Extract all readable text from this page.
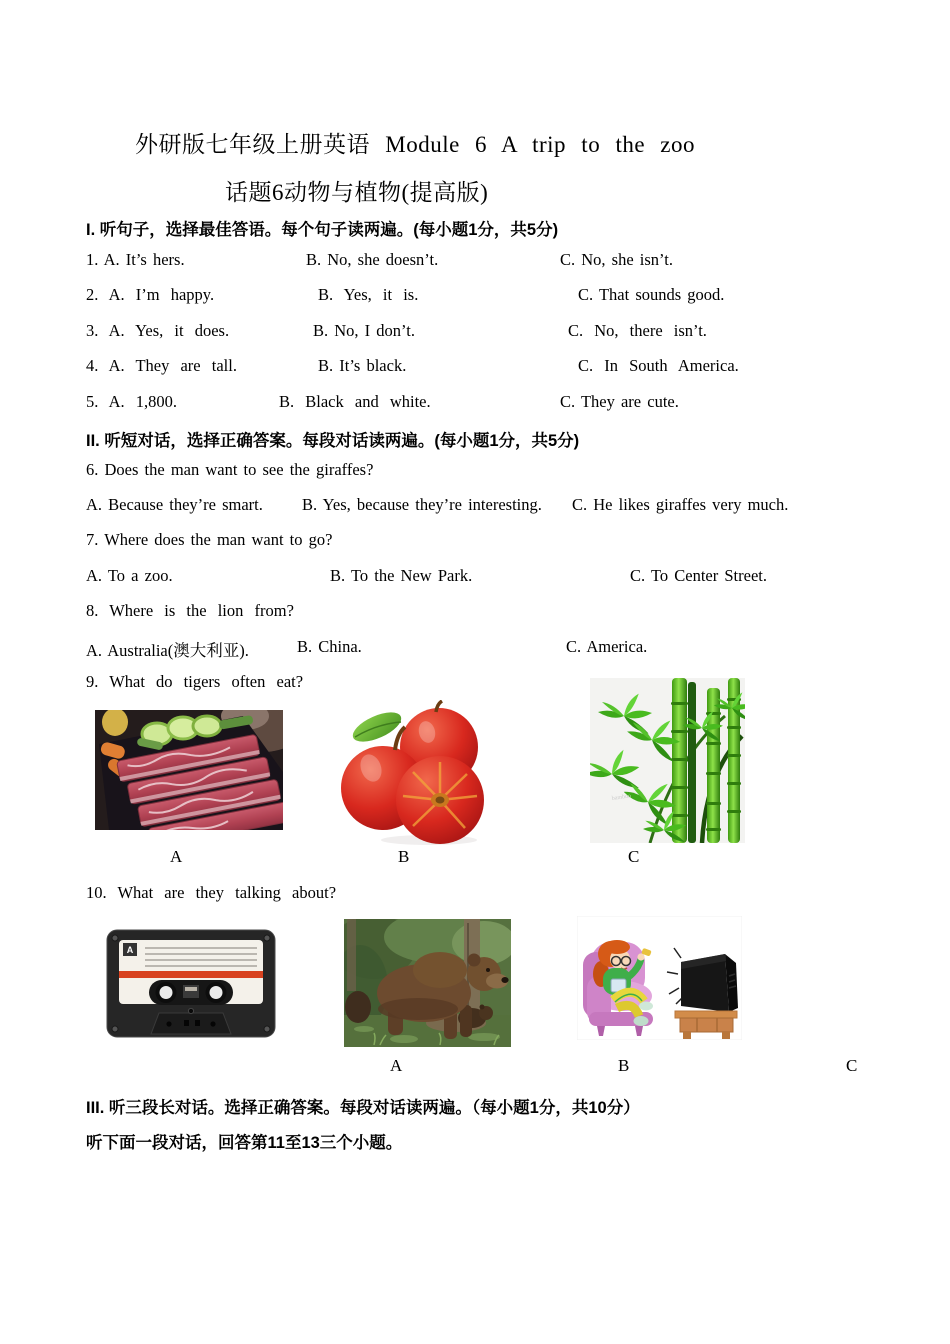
外研版七年级上册英语 Module 6 A trip to the zoo
话题6动物与植物(提高版)
I. 听句子，选择最佳答语。每个句子读两遍。(每小题1分，共5分)
1. A. It’s hers.	B. No, she doesn’t.	C. No, she isn’t.
2. A. I’m happy.	B. Yes, it is.	C. That sounds good.
3. A. Yes, it does.	B. No, I don’t.	C. No, there isn’t.
4. A. They are tall.	B. It’s black.	C. In South America.
5. A. 1,800.	B. Black and white.	C. They are cute.
II. 听短对话，选择正确答案。每段对话读两遍。(每小题1分，共5分)
6. Does the man want to see the giraffes?
A. Because they’re smart. B. Yes, because they’re interesting. C. He likes giraffes very much.
7. Where does the man want to go?
A. To a zoo.	B. To the New Park.	C. To Center Street.
8. Where is the lion from?
A. Australia(澳大利亚).	B. China.	C. America.
9. What do tigers often eat?
bamboo
A	B	C
10. What are they talking about?
A
A	B	C
III. 听三段长对话。选择正确答案。每段对话读两遍。（每小题1分，共10分）
听下面一段对话，回答第11至13三个小题。
